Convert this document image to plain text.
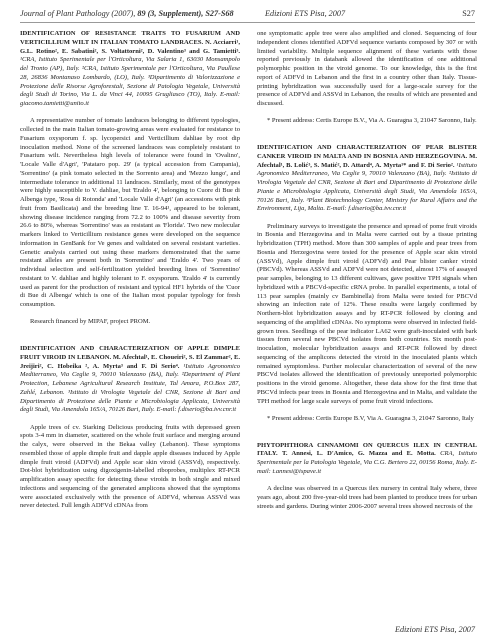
Journal of Plant Pathology (2007), 89 (3, Supplement), S27-S68	Edizioni ETS Pisa, 2007	S27

IDENTIFICATION OF RESISTANCE TRAITS TO FUSARIUM AND VERTICILLIUM WILT IN ITALIAN TOMATO LANDRACES. N. Acciarri¹, G.L. Rotino², E. Sabatini², S. Voltattorni², D. Valentino³ and G. Tamietti³. ¹CRA, Istituto Sperimentale per l'Orticoltura, Via Salaria 1, 63030 Monsampolo del Tronto (AP), Italy. ²CRA, Istituto Sperimentale per l'Orticoltura, Via Paullese 28, 26836 Montanaso Lombardo, (LO), Italy. ³Dipartimento di Valorizzazione e Protezione delle Risorse Agroforestali, Sezione di Patologia Vegetale, Università degli Studi di Torino, Via L. da Vinci 44, 10095 Grugliasco (TO), Italy. E-mail: giacomo.tamietti@unito.it

A representative number of tomato landraces belonging to different typologies, collected in the main Italian tomato-growing areas were evaluated for resistance to Fusarium oxysporum f. sp. lycopersici and Verticillium dahliae by root dip inoculation method. None of the screened landraces was completely resistant to Fusarium wilt. Nevertheless high levels of tolerance were found in 'Ovalino', 'Locale Valle d'Agri', 'Patataro pop. 29' (a typical accession from Campania), 'Sorrentino' (a pink tomato selected in the Sorrento area) and 'Mezzo lungo', and intermediate tolerance in additional 11 landraces. Similarly, most of the genotypes were highly susceptible to V. dahliae, but 'Eraldo 4', belonging to Cuore di Bue di Albenga type, 'Rosa di Rotonda' and 'Locale Valle d'Agri' (an accessions with pink fruit from Basilicata) and the breeding line T. 16-94¹, appeared to be tolerant, showing disease incidence ranging from 72.2 to 100% and disease severity from 26.6 to 80%, whereas 'Sorrentino' was as resistant as 'Florida'. Two new molecular markers linked to Verticillium resistance genes were developed on the sequence information in GenBank for Ve genes and validated on several resistant varieties. Genetic analysis carried out using these markers demonstrated that the same resistant alleles are present both in 'Sorrentino' and 'Eraldo 4'. Two years of individual selection and self-fertilization yielded breeding lines of 'Sorrentino' resistant to V. dahliae and highly tolerant to F. oxysporum. 'Eraldo 4' is currently used as parent for the production of resistant and typical HF1 hybrids of the 'Cuor di Bue di Albenga' which is one of the Italian most popular typology for fresh consumption.

Research financed by MIPAF, project PROM.

IDENTIFICATION AND CHARACTERIZATION OF APPLE DIMPLE FRUIT VIROID IN LEBANON. M. Afechtal¹, E. Choueiri², S. El Zammar², E. Jreijiri², C. Hobeika ², A. Myrta³ and F. Di Serio⁴. ¹Istituto Agronomico Mediterraneo, Via Ceglie 9, 70010 Valenzano (BA), Italy. ²Department of Plant Protection, Lebanese Agricultural Research Institute, Tal Amara, P.O.Box 287, Zahlé, Lebanon. ³Istituto di Virologia Vegetale del CNR, Sezione di Bari and Dipartimento di Protezione delle Piante e Microbiologia Applicata, Università degli Studi, Via Amendola 165/A, 70126 Bari, Italy. E-mail: f.diserio@ba.ivv.cnr.it

Apple trees of cv. Starking Delicious producing fruits with depressed green spots 3-4 mm in diameter, scattered on the whole fruit surface and merging around the calyx, were observed in the Bekaa valley (Lebanon). These symptoms resembled those of apple dimple fruit and dapple apple diseases induced by Apple dimple fruit viroid (ADFVd) and Apple scar skin viroid (ASSVd), respectively. Dot-blot hybridization using digoxigenin-labelled riboprobes, multiplex RT-PCR amplification assay specific for detecting these viroids in both single and mixed infections and sequencing of the generated amplicons showed that the symptoms were associated exclusively with the presence of ADFVd, whereas ASSVd was never detected. Full length ADFVd cDNAs from

one symptomatic apple tree were also amplified and cloned. Sequencing of four independent clones identified ADFVd sequence variants composed by 307 or with limited variability. Multiple sequence alignment of these variants with those reported previously in databank allowed the identification of one additional polymorphic position in the viroid genome. To our knowledge, this is the first report of ADFVd in Lebanon and the first in a country other than Italy. Tissue-printing hybridization was successfully used for a large-scale survey for the presence of ADFVd and ASSVd in Lebanon, the results of which are presented and discussed.

* Present address: Certis Europe B.V., Via A. Guaragna 3, 21047 Saronno, Italy.

IDENTIFICATION AND CHARACTERIZATION OF PEAR BLISTER CANKER VIROID IN MALTA AND IN BOSNIA AND HERZEGOVINA. M. Afechtal¹, B. Lolić³, S. Matić², D. Attard⁴, A. Myrta¹* and F. Di Serio². ¹Istituto Agronomico Mediterraneo, Via Ceglie 9, 70010 Valenzano (BA), Italy. ²Istituto di Virologia Vegetale del CNR, Sezione di Bari and Dipartimento di Protezione delle Piante e Microbiologia Applicata, Università degli Studi, Via Amendola 165/A, 70126 Bari, Italy. ³Plant Biotechnology Center, Ministry for Rural Affairs and the Environment, Lija, Malta. E-mail: f.diserio@ba.ivv.cnr.it

Preliminary surveys to investigate the presence and spread of pome fruit viroids in Bosnia and Herzegovina and in Malta were carried out by a tissue printing hybridization (TPH) method. More than 300 samples of apple and pear trees from Bosnia and Herzegovina were tested for the presence of Apple scar skin viroid (ASSVd), Apple dimple fruit viroid (ADFVd) and Pear blister canker viroid (PBCVd). Whereas ASSVd and ADFVd were not detected, almost 17% of assayed pear samples, belonging to 13 different cultivars, gave positive TPH signals when hybridized with a PBCVd-specific cRNA probe. In parallel experiments, a total of 113 pear samples (mainly cv Bambinella) from Malta were tested for PBCVd showing an infection rate of 12%. These results were largely confirmed by Northern-blot hybridization assays and by RT-PCR followed by cloning and sequencing of the amplified cDNAs. No symptoms were observed in infected field-grown trees. Seedlings of the pear indicator LA62 were graft-inoculated with bark tissues from several new PBCVd isolates from both countries. Six month post-inoculation, molecular hybridization assays and RT-PCR followed by direct sequencing of the amplicons detected the viroid in the inoculated plants which remained symptomless. Further molecular characterization of several of the new PBCVd isolates allowed the identification of previously unreported polymorphic positions in the viroid genome. Altogether, these data show for the first time that PBCVd infects pear trees in Bosnia and Herzegovina and in Malta, and validate the TPH method for large scale surveys of pome fruit viroid infections.

* Present address: Certis Europe B.V, Via A. Guaragna 3, 21047 Saronno, Italy

PHYTOPHTHORA CINNAMOMI ON QUERCUS ILEX IN CENTRAL ITALY. T. Annesi, L. D'Amico, G. Mazza and E. Motta. CRA, Istituto Sperimentale per la Patologia Vegetale, Via C.G. Bertero 22, 00156 Roma, Italy. E-mail: t.annesi@ispave.it

A decline was observed in a Quercus ilex nursery in central Italy where, three years ago, about 200 five-year-old trees had been planted to produce trees for urban streets and gardens. During winter 2006-2007 several trees showed necrosis of the

Edizioni ETS Pisa, 2007
